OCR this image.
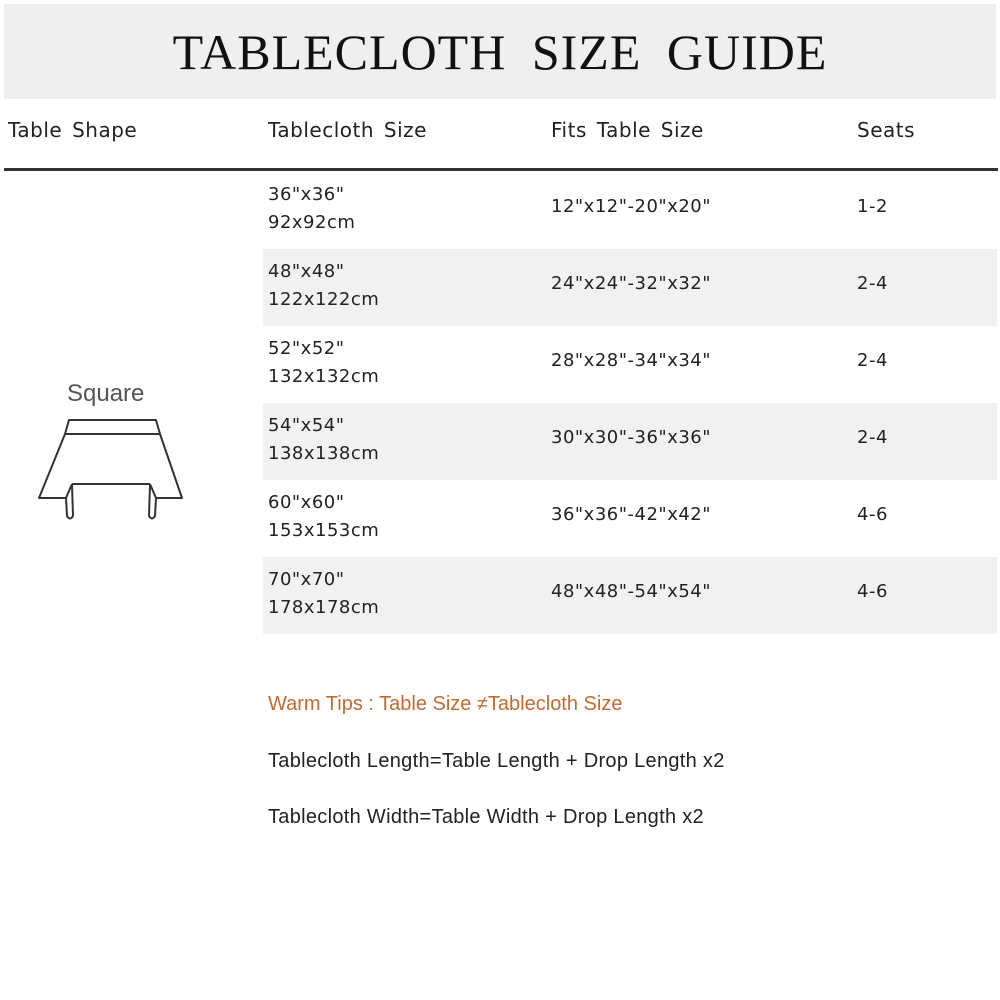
TABLECLOTH SIZE GUIDE
Table Shape	Tablecloth Size	Fits Table Size	Seats
Square
36"x36"
92x92cm
12"x12"-20"x20"	1-2
48"x48"
122x122cm
24"x24"-32"x32"	2-4
52"x52"
132x132cm
28"x28"-34"x34"	2-4
54"x54"
138x138cm
30"x30"-36"x36"	2-4
60"x60"
153x153cm
36"x36"-42"x42"	4-6
70"x70"
178x178cm
48"x48"-54"x54"	4-6
Warm Tips : Table Size ≠Tablecloth Size
Tablecloth Length=Table Length + Drop Length x2
Tablecloth Width=Table Width + Drop Length x2
